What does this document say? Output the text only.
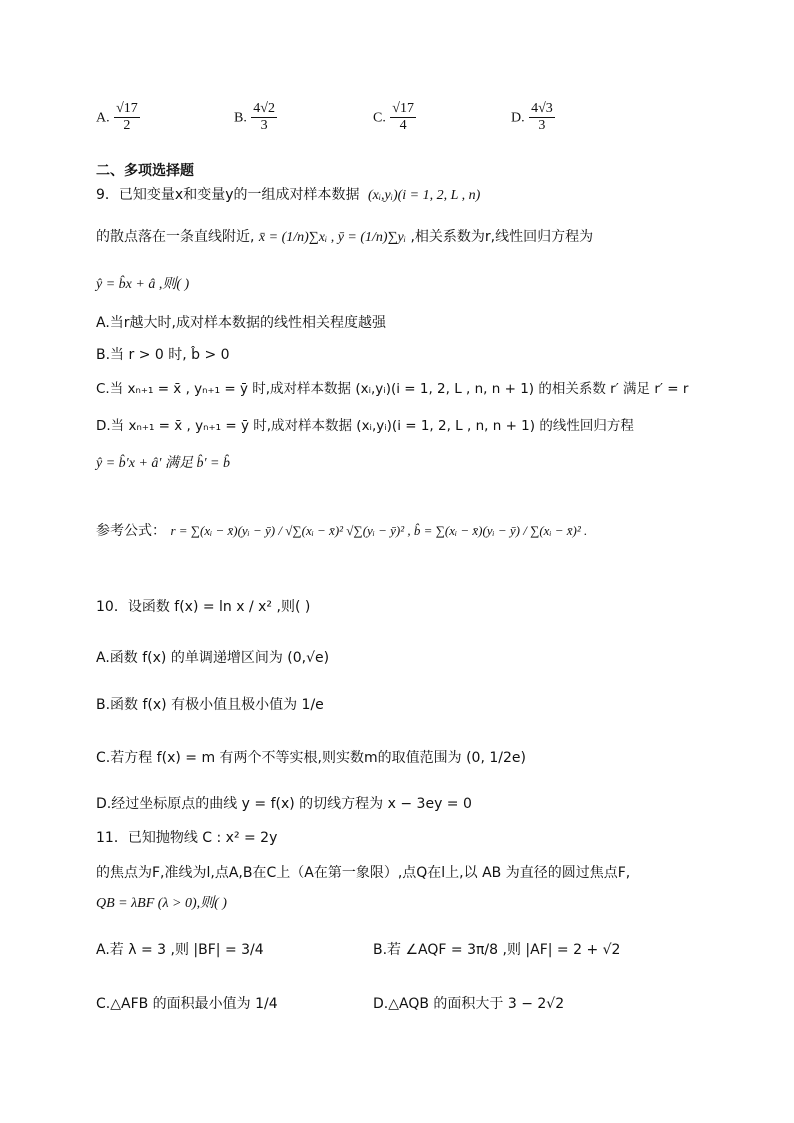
A. $\frac{√17}{2}$	B. $\frac{4√2}{3}$	C. $\frac{√17}{4}$	D. $\frac{4√3}{3}$
二、多项选择题
9．已知变量x和变量y的一组成对样本数据 (xᵢ,yᵢ)(i = 1, 2, L , n)
的散点落在一条直线附近, x̄ = (1/n)∑xᵢ , ȳ = (1/n)∑yᵢ ,相关系数为r,线性回归方程为
ŷ = b̂x + â ,则( )
A.当r越大时,成对样本数据的线性相关程度越强
B.当 r > 0 时, b̂ > 0
C.当 xₙ₊₁ = x̄ , yₙ₊₁ = ȳ 时,成对样本数据 (xᵢ,yᵢ)(i = 1, 2, L , n, n + 1) 的相关系数 r′ 满足 r′ = r
D.当 xₙ₊₁ = x̄ , yₙ₊₁ = ȳ 时,成对样本数据 (xᵢ,yᵢ)(i = 1, 2, L , n, n + 1) 的线性回归方程
ŷ = b̂′x + â′ 满足 b̂′ = b̂
参考公式： r = ∑(xᵢ − x̄)(yᵢ − ȳ) / √∑(xᵢ − x̄)² √∑(yᵢ − ȳ)² , b̂ = ∑(xᵢ − x̄)(yᵢ − ȳ) / ∑(xᵢ − x̄)² .
10．设函数 f(x) = ln x / x² ,则( )
A.函数 f(x) 的单调递增区间为 (0,√e)
B.函数 f(x) 有极小值且极小值为 1/e
C.若方程 f(x) = m 有两个不等实根,则实数m的取值范围为 (0, 1/2e)
D.经过坐标原点的曲线 y = f(x) 的切线方程为 x − 3ey = 0
11．已知抛物线 C : x² = 2y
的焦点为F,准线为l,点A,B在C上（A在第一象限）,点Q在l上,以 AB 为直径的圆过焦点F,
QB = λBF (λ > 0),则( )
A.若 λ = 3 ,则 |BF| = 3/4	B.若 ∠AQF = 3π/8 ,则 |AF| = 2 + √2
C.△AFB 的面积最小值为 1/4	D.△AQB 的面积大于 3 − 2√2
